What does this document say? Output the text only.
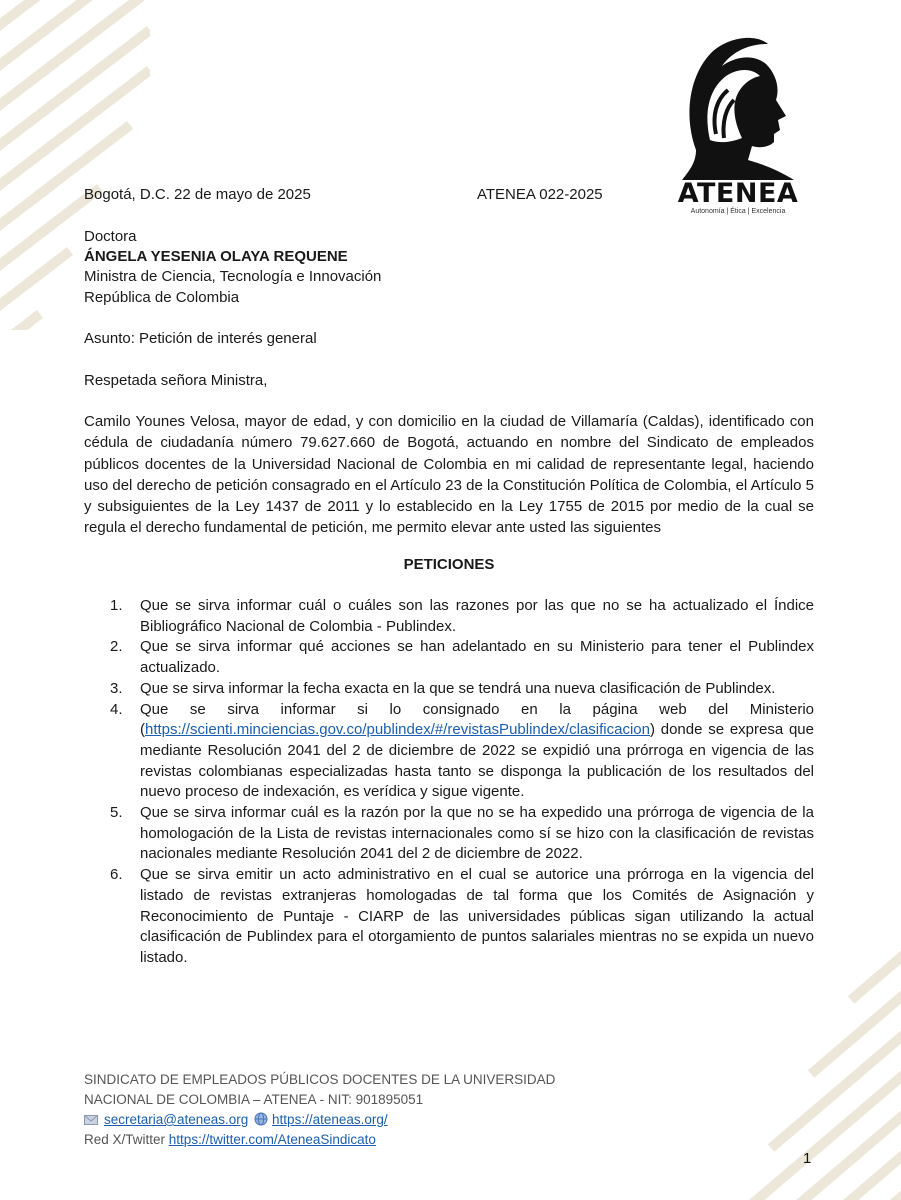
ATENEA
Autonomía | Ética | Excelencia
Bogotá, D.C. 22 de mayo de 2025	ATENEA 022-2025
Doctora
ÁNGELA YESENIA OLAYA REQUENE
Ministra de Ciencia, Tecnología e Innovación
República de Colombia
Asunto: Petición de interés general
Respetada señora Ministra,
Camilo Younes Velosa, mayor de edad, y con domicilio en la ciudad de Villamaría (Caldas), identificado con cédula de ciudadanía número 79.627.660 de Bogotá, actuando en nombre del Sindicato de empleados públicos docentes de la Universidad Nacional de Colombia en mi calidad de representante legal, haciendo uso del derecho de petición consagrado en el Artículo 23 de la Constitución Política de Colombia, el Artículo 5 y subsiguientes de la Ley 1437 de 2011 y lo establecido en la Ley 1755 de 2015 por medio de la cual se regula el derecho fundamental de petición, me permito elevar ante usted las siguientes
PETICIONES
1. Que se sirva informar cuál o cuáles son las razones por las que no se ha actualizado el Índice Bibliográfico Nacional de Colombia - Publindex.
2. Que se sirva informar qué acciones se han adelantado en su Ministerio para tener el Publindex actualizado.
3. Que se sirva informar la fecha exacta en la que se tendrá una nueva clasificación de Publindex.
4. Que se sirva informar si lo consignado en la página web del Ministerio (https://scienti.minciencias.gov.co/publindex/#/revistasPublindex/clasificacion) donde se expresa que mediante Resolución 2041 del 2 de diciembre de 2022 se expidió una prórroga en vigencia de las revistas colombianas especializadas hasta tanto se disponga la publicación de los resultados del nuevo proceso de indexación, es verídica y sigue vigente.
5. Que se sirva informar cuál es la razón por la que no se ha expedido una prórroga de vigencia de la homologación de la Lista de revistas internacionales como sí se hizo con la clasificación de revistas nacionales mediante Resolución 2041 del 2 de diciembre de 2022.
6. Que se sirva emitir un acto administrativo en el cual se autorice una prórroga en la vigencia del listado de revistas extranjeras homologadas de tal forma que los Comités de Asignación y Reconocimiento de Puntaje - CIARP de las universidades públicas sigan utilizando la actual clasificación de Publindex para el otorgamiento de puntos salariales mientras no se expida un nuevo listado.
SINDICATO DE EMPLEADOS PÚBLICOS DOCENTES DE LA UNIVERSIDAD
NACIONAL DE COLOMBIA – ATENEA - NIT: 901895051
secretaria@ateneas.org https://ateneas.org/
Red X/Twitter https://twitter.com/AteneaSindicato
1
